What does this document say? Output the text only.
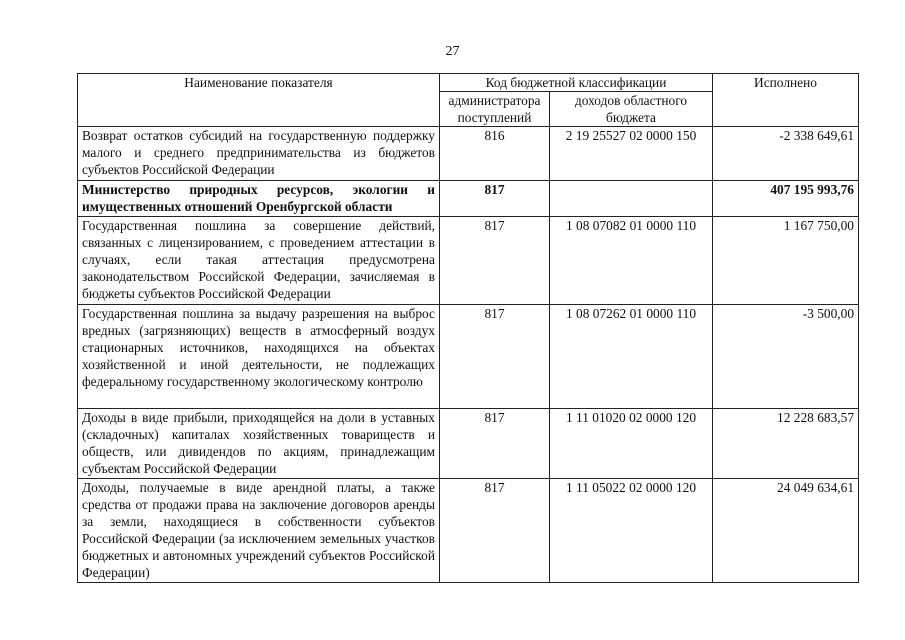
27
Наименование показателя	Код бюджетной классификации		Исполнено
	администратора поступлений	доходов областного бюджета	
Возврат остатков субсидий на государственную поддержку малого и среднего предпринимательства из бюджетов субъектов Российской Федерации	816	2 19 25527 02 0000 150	-2 338 649,61
Министерство природных ресурсов, экологии и имущественных отношений Оренбургской области	817		407 195 993,76
Государственная пошлина за совершение действий, связанных с лицензированием, с проведением аттестации в случаях, если такая аттестация предусмотрена законодательством Российской Федерации, зачисляемая в бюджеты субъектов Российской Федерации	817	1 08 07082 01 0000 110	1 167 750,00
Государственная пошлина за выдачу разрешения на выброс вредных (загрязняющих) веществ в атмосферный воздух стационарных источников, находящихся на объектах хозяйственной и иной деятельности, не подлежащих федеральному государственному экологическому контролю	817	1 08 07262 01 0000 110	-3 500,00
Доходы в виде прибыли, приходящейся на доли в уставных (складочных) капиталах хозяйственных товариществ и обществ, или дивидендов по акциям, принадлежащим субъектам Российской Федерации	817	1 11 01020 02 0000 120	12 228 683,57
Доходы, получаемые в виде арендной платы, а также средства от продажи права на заключение договоров аренды за земли, находящиеся в собственности субъектов Российской Федерации (за исключением земельных участков бюджетных и автономных учреждений субъектов Российской Федерации)	817	1 11 05022 02 0000 120	24 049 634,61
